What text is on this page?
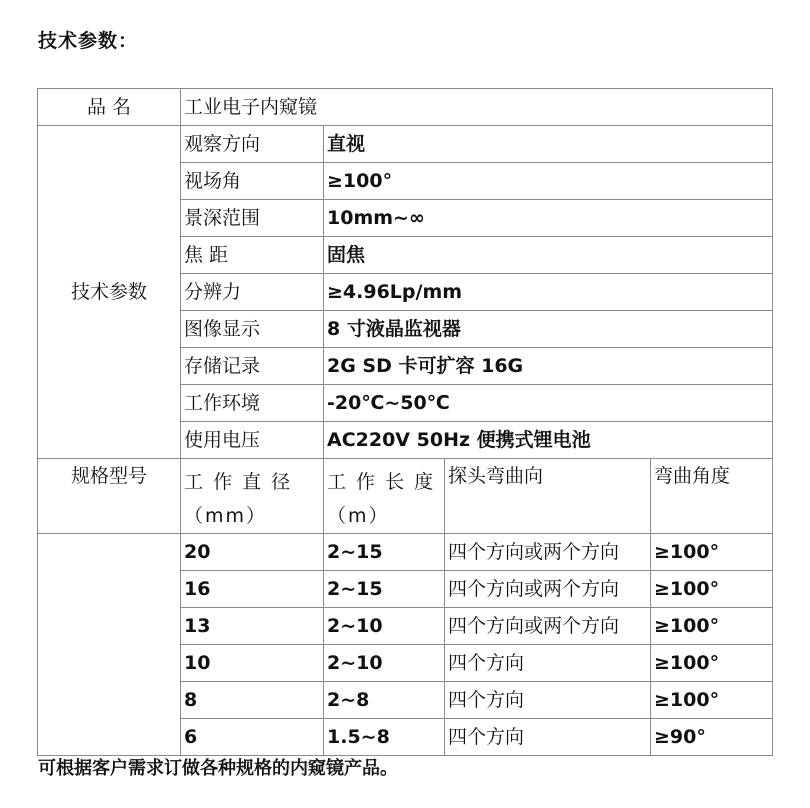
技术参数：
品 名	工业电子内窥镜			
技术参数	观察方向	直视		
	视场角	≥100°		
	景深范围	10mm~∞		
	焦 距	固焦		
	分辨力	≥4.96Lp/mm		
	图像显示	8 寸液晶监视器		
	存储记录	2G SD 卡可扩容 16G		
	工作环境	-20℃~50℃		
	使用电压	AC220V 50Hz 便携式锂电池		
规格型号	工 作 直 径（mm）	工 作 长 度（m）	探头弯曲向	弯曲角度
	20	2~15	四个方向或两个方向	≥100°
	16	2~15	四个方向或两个方向	≥100°
	13	2~10	四个方向或两个方向	≥100°
	10	2~10	四个方向	≥100°
	8	2~8	四个方向	≥100°
	6	1.5~8	四个方向	≥90°
可根据客户需求订做各种规格的内窥镜产品。
